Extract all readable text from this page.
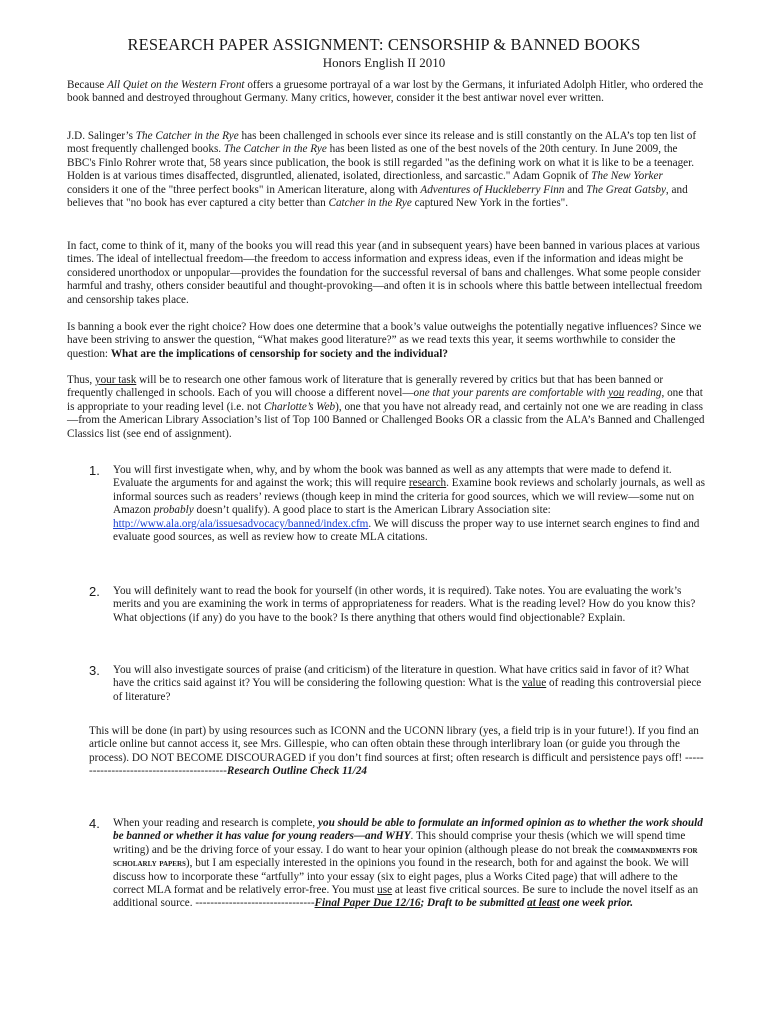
RESEARCH PAPER ASSIGNMENT: CENSORSHIP & BANNED BOOKS
Honors English II 2010

Because All Quiet on the Western Front offers a gruesome portrayal of a war lost by the Germans, it infuriated Adolph Hitler, who ordered the book banned and destroyed throughout Germany. Many critics, however, consider it the best antiwar novel ever written.

J.D. Salinger’s The Catcher in the Rye has been challenged in schools ever since its release and is still constantly on the ALA’s top ten list of most frequently challenged books. The Catcher in the Rye has been listed as one of the best novels of the 20th century. In June 2009, the BBC's Finlo Rohrer wrote that, 58 years since publication, the book is still regarded "as the defining work on what it is like to be a teenager. Holden is at various times disaffected, disgruntled, alienated, isolated, directionless, and sarcastic." Adam Gopnik of The New Yorker considers it one of the "three perfect books" in American literature, along with Adventures of Huckleberry Finn and The Great Gatsby, and believes that "no book has ever captured a city better than Catcher in the Rye captured New York in the forties".

In fact, come to think of it, many of the books you will read this year (and in subsequent years) have been banned in various places at various times. The ideal of intellectual freedom—the freedom to access information and express ideas, even if the information and ideas might be considered unorthodox or unpopular—provides the foundation for the successful reversal of bans and challenges. What some people consider harmful and trashy, others consider beautiful and thought-provoking—and often it is in schools where this battle between intellectual freedom and censorship takes place.

Is banning a book ever the right choice? How does one determine that a book’s value outweighs the potentially negative influences? Since we have been striving to answer the question, “What makes good literature?” as we read texts this year, it seems worthwhile to consider the question: What are the implications of censorship for society and the individual?

Thus, your task will be to research one other famous work of literature that is generally revered by critics but that has been banned or frequently challenged in schools. Each of you will choose a different novel—one that your parents are comfortable with you reading, one that is appropriate to your reading level (i.e. not Charlotte’s Web), one that you have not already read, and certainly not one we are reading in class—from the American Library Association’s list of Top 100 Banned or Challenged Books OR a classic from the ALA’s Banned and Challenged Classics list (see end of assignment).

1. You will first investigate when, why, and by whom the book was banned as well as any attempts that were made to defend it. Evaluate the arguments for and against the work; this will require research. Examine book reviews and scholarly journals, as well as informal sources such as readers’ reviews (though keep in mind the criteria for good sources, which we will review—some nut on Amazon probably doesn’t qualify). A good place to start is the American Library Association site: http://www.ala.org/ala/issuesadvocacy/banned/index.cfm. We will discuss the proper way to use internet search engines to find and evaluate good sources, as well as review how to create MLA citations.

2. You will definitely want to read the book for yourself (in other words, it is required). Take notes. You are evaluating the work’s merits and you are examining the work in terms of appropriateness for readers. What is the reading level? How do you know this? What objections (if any) do you have to the book? Is there anything that others would find objectionable? Explain.

3. You will also investigate sources of praise (and criticism) of the literature in question. What have critics said in favor of it? What have the critics said against it? You will be considering the following question: What is the value of reading this controversial piece of literature?

This will be done (in part) by using resources such as ICONN and the UCONN library (yes, a field trip is in your future!). If you find an article online but cannot access it, see Mrs. Gillespie, who can often obtain these through interlibrary loan (or guide you through the process). DO NOT BECOME DISCOURAGED if you don’t find sources at first; often research is difficult and persistence pays off! ------------------------------------------Research Outline Check 11/24

4. When your reading and research is complete, you should be able to formulate an informed opinion as to whether the work should be banned or whether it has value for young readers—and WHY. This should comprise your thesis (which we will spend time writing) and be the driving force of your essay. I do want to hear your opinion (although please do not break the commandments for scholarly papers), but I am especially interested in the opinions you found in the research, both for and against the book. We will discuss how to incorporate these “artfully” into your essay (six to eight pages, plus a Works Cited page) that will adhere to the correct MLA format and be relatively error-free. You must use at least five critical sources. Be sure to include the novel itself as an additional source. --------------------------------Final Paper Due 12/16; Draft to be submitted at least one week prior.
